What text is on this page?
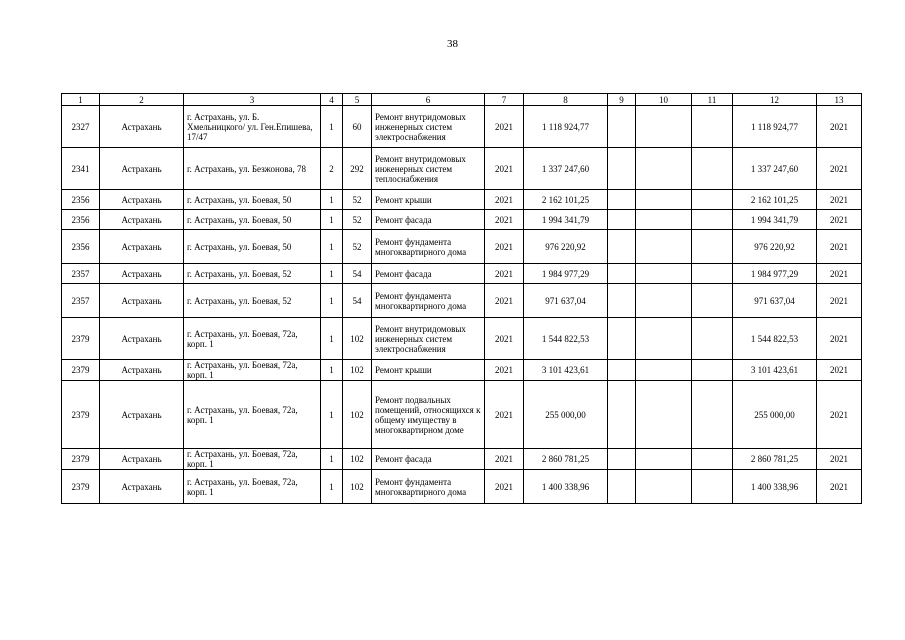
38
1	2	3	4	5	6	7	8	9	10	11	12	13
2327	Астрахань	г. Астрахань, ул. Б. Хмельницкого/ ул. Ген.Епишева, 17/47	1	60	Ремонт внутридомовых инженерных систем электроснабжения	2021	1 118 924,77				1 118 924,77	2021
2341	Астрахань	г. Астрахань, ул. Безжонова, 78	2	292	Ремонт внутридомовых инженерных систем теплоснабжения	2021	1 337 247,60				1 337 247,60	2021
2356	Астрахань	г. Астрахань, ул. Боевая, 50	1	52	Ремонт крыши	2021	2 162 101,25				2 162 101,25	2021
2356	Астрахань	г. Астрахань, ул. Боевая, 50	1	52	Ремонт фасада	2021	1 994 341,79				1 994 341,79	2021
2356	Астрахань	г. Астрахань, ул. Боевая, 50	1	52	Ремонт фундамента многоквартирного дома	2021	976 220,92				976 220,92	2021
2357	Астрахань	г. Астрахань, ул. Боевая, 52	1	54	Ремонт фасада	2021	1 984 977,29				1 984 977,29	2021
2357	Астрахань	г. Астрахань, ул. Боевая, 52	1	54	Ремонт фундамента многоквартирного дома	2021	971 637,04				971 637,04	2021
2379	Астрахань	г. Астрахань, ул. Боевая, 72а, корп. 1	1	102	Ремонт внутридомовых инженерных систем электроснабжения	2021	1 544 822,53				1 544 822,53	2021
2379	Астрахань	г. Астрахань, ул. Боевая, 72а, корп. 1	1	102	Ремонт крыши	2021	3 101 423,61				3 101 423,61	2021
2379	Астрахань	г. Астрахань, ул. Боевая, 72а, корп. 1	1	102	Ремонт подвальных помещений, относящихся к общему имуществу в многоквартирном доме	2021	255 000,00				255 000,00	2021
2379	Астрахань	г. Астрахань, ул. Боевая, 72а, корп. 1	1	102	Ремонт фасада	2021	2 860 781,25				2 860 781,25	2021
2379	Астрахань	г. Астрахань, ул. Боевая, 72а, корп. 1	1	102	Ремонт фундамента многоквартирного дома	2021	1 400 338,96				1 400 338,96	2021
